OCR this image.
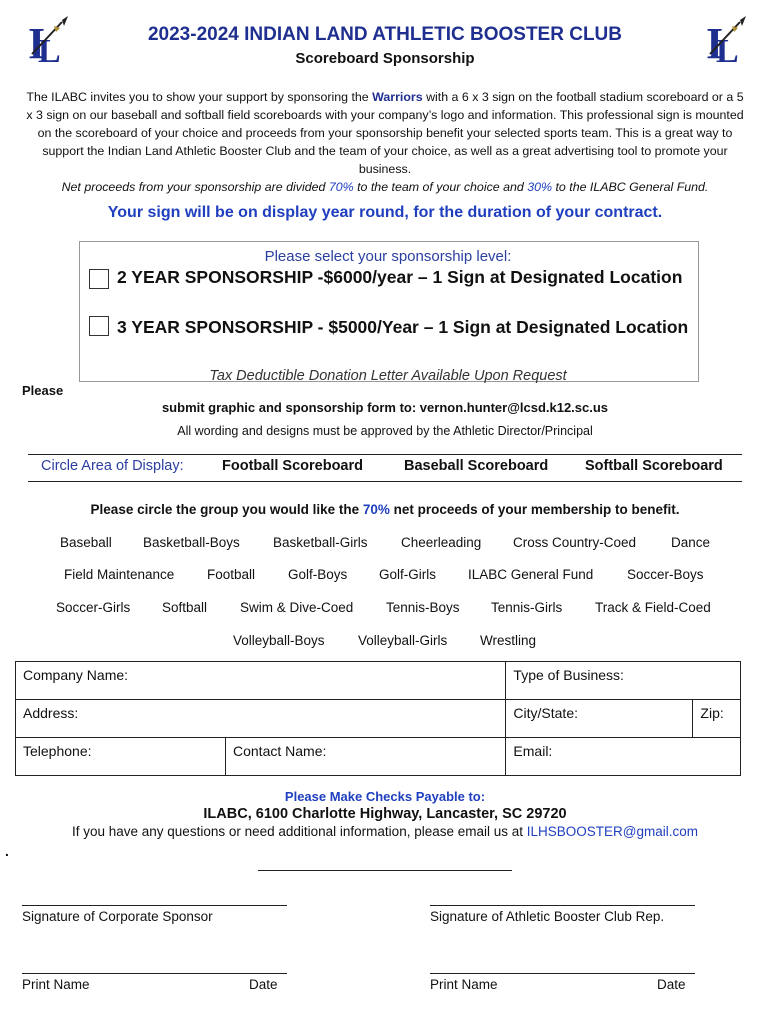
I
L	I
L
2023-2024 INDIAN LAND ATHLETIC BOOSTER CLUB
Scoreboard Sponsorship
The ILABC invites you to show your support by sponsoring the Warriors with a 6 x 3 sign on the football stadium scoreboard or a 5 x 3 sign on our baseball and softball field scoreboards with your company’s logo and information. This professional sign is mounted on the scoreboard of your choice and proceeds from your sponsorship benefit your selected sports team. This is a great way to support the Indian Land Athletic Booster Club and the team of your choice, as well as a great advertising tool to promote your business.
Net proceeds from your sponsorship are divided 70% to the team of your choice and 30% to the ILABC General Fund.
Your sign will be on display year round, for the duration of your contract.
Please select your sponsorship level:
2 YEAR SPONSORSHIP -$6000/year – 1 Sign at Designated Location
3 YEAR SPONSORSHIP - $5000/Year – 1 Sign at Designated Location
Tax Deductible Donation Letter Available Upon Request
Please
submit graphic and sponsorship form to: vernon.hunter@lcsd.k12.sc.us
All wording and designs must be approved by the Athletic Director/Principal
Circle Area of Display:	Football Scoreboard	Baseball Scoreboard	Softball Scoreboard
Please circle the group you would like the 70% net proceeds of your membership to benefit.
Baseball Basketball-Boys Basketball-Girls Cheerleading Cross Country-Coed	Dance
Field Maintenance Football Golf-Boys Golf-Girls ILABC General Fund Soccer-Boys
Soccer-Girls Softball Swim & Dive-Coed Tennis-Boys Tennis-Girls Track & Field-Coed
Volleyball-Boys Volleyball-Girls Wrestling
Company Name:		Type of Business:	
Address:		City/State:	Zip:
Telephone:	Contact Name:	Email:	
Please Make Checks Payable to:
ILABC, 6100 Charlotte Highway, Lancaster, SC 29720
If you have any questions or need additional information, please email us at ILHSBOOSTER@gmail.com
.
Signature of Corporate Sponsor	Signature of Athletic Booster Club Rep.
Print Name	Date	Print Name	Date
